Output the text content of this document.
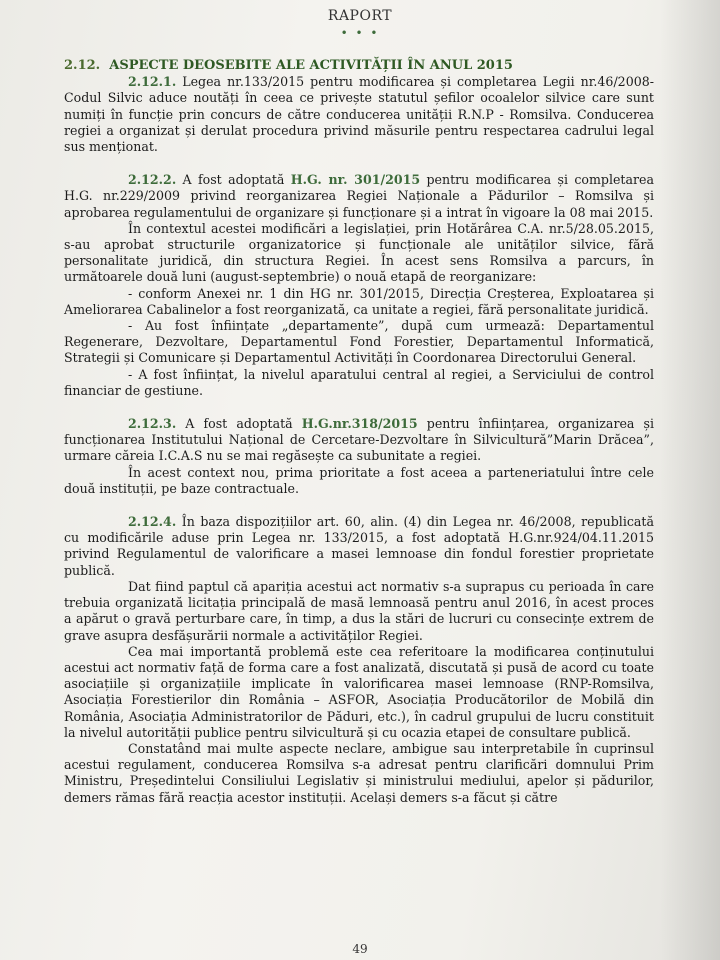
RAPORT
• • •

2.12. ASPECTE DEOSEBITE ALE ACTIVITĂȚII ÎN ANUL 2015

2.12.1. Legea nr.133/2015 pentru modificarea și completarea Legii nr.46/2008-Codul Silvic aduce noutăți în ceea ce privește statutul șefilor ocoalelor silvice care sunt numiți în funcție prin concurs de către conducerea unității R.N.P - Romsilva. Conducerea regiei a organizat și derulat procedura privind măsurile pentru respectarea cadrului legal sus menționat.

2.12.2. A fost adoptată H.G. nr. 301/2015 pentru modificarea și completarea H.G. nr.229/2009 privind reorganizarea Regiei Naționale a Pădurilor – Romsilva și aprobarea regulamentului de organizare și funcționare și a intrat în vigoare la 08 mai 2015.

În contextul acestei modificări a legislației, prin Hotărârea C.A. nr.5/28.05.2015, s-au aprobat structurile organizatorice și funcționale ale unităților silvice, fără personalitate juridică, din structura Regiei. În acest sens Romsilva a parcurs, în următoarele două luni (august-septembrie) o nouă etapă de reorganizare:

- conform Anexei nr. 1 din HG nr. 301/2015, Direcția Creșterea, Exploatarea și Ameliorarea Cabalinelor a fost reorganizată, ca unitate a regiei, fără personalitate juridică.

- Au fost înființate „departamente”, după cum urmează: Departamentul Regenerare, Dezvoltare, Departamentul Fond Forestier, Departamentul Informatică, Strategii și Comunicare și Departamentul Activități în Coordonarea Directorului General.

- A fost înființat, la nivelul aparatului central al regiei, a Serviciului de control financiar de gestiune.

2.12.3. A fost adoptată H.G.nr.318/2015 pentru înființarea, organizarea și funcționarea Institutului Național de Cercetare-Dezvoltare în Silvicultură”Marin Drăcea”, urmare căreia I.C.A.S nu se mai regăsește ca subunitate a regiei.

În acest context nou, prima prioritate a fost aceea a parteneriatului între cele două instituții, pe baze contractuale.

2.12.4. În baza dispozițiilor art. 60, alin. (4) din Legea nr. 46/2008, republicată cu modificările aduse prin Legea nr. 133/2015, a fost adoptată H.G.nr.924/04.11.2015 privind Regulamentul de valorificare a masei lemnoase din fondul forestier proprietate publică.

Dat fiind paptul că apariția acestui act normativ s-a suprapus cu perioada în care trebuia organizată licitația principală de masă lemnoasă pentru anul 2016, în acest proces a apărut o gravă perturbare care, în timp, a dus la stări de lucruri cu consecințe extrem de grave asupra desfășurării normale a activităților Regiei.

Cea mai importantă problemă este cea referitoare la modificarea conținutului acestui act normativ față de forma care a fost analizată, discutată și pusă de acord cu toate asociațiile și organizațiile implicate în valorificarea masei lemnoase (RNP-Romsilva, Asociația Forestierilor din România – ASFOR, Asociația Producătorilor de Mobilă din România, Asociația Administratorilor de Păduri, etc.), în cadrul grupului de lucru constituit la nivelul autorității publice pentru silvicultură și cu ocazia etapei de consultare publică.

Constatând mai multe aspecte neclare, ambigue sau interpretabile în cuprinsul acestui regulament, conducerea Romsilva s-a adresat pentru clarificări domnului Prim Ministru, Președintelui Consiliului Legislativ și ministrului mediului, apelor și pădurilor, demers rămas fără reacția acestor instituții. Același demers s-a făcut și către

49
